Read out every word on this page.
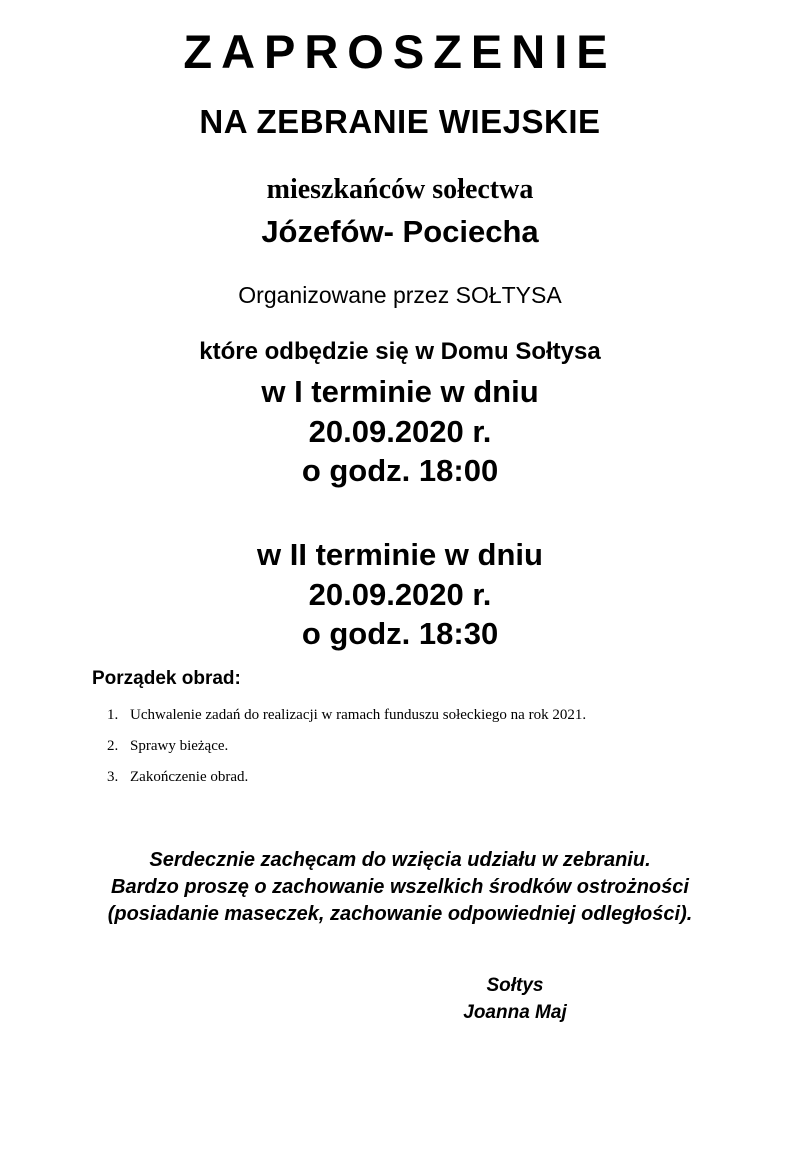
ZAPROSZENIE
NA ZEBRANIE WIEJSKIE
mieszkańców sołectwa
Józefów- Pociecha
Organizowane przez SOŁTYSA
które odbędzie się w Domu Sołtysa
w I terminie w dniu
20.09.2020 r.
o godz. 18:00
w II terminie w dniu
20.09.2020 r.
o godz. 18:30
Porządek obrad:
1. Uchwalenie zadań do realizacji w ramach funduszu sołeckiego na rok 2021.
2. Sprawy bieżące.
3. Zakończenie obrad.
Serdecznie zachęcam do wzięcia udziału w zebraniu.
Bardzo proszę o zachowanie wszelkich środków ostrożności (posiadanie maseczek, zachowanie odpowiedniej odległości).
Sołtys
Joanna Maj
